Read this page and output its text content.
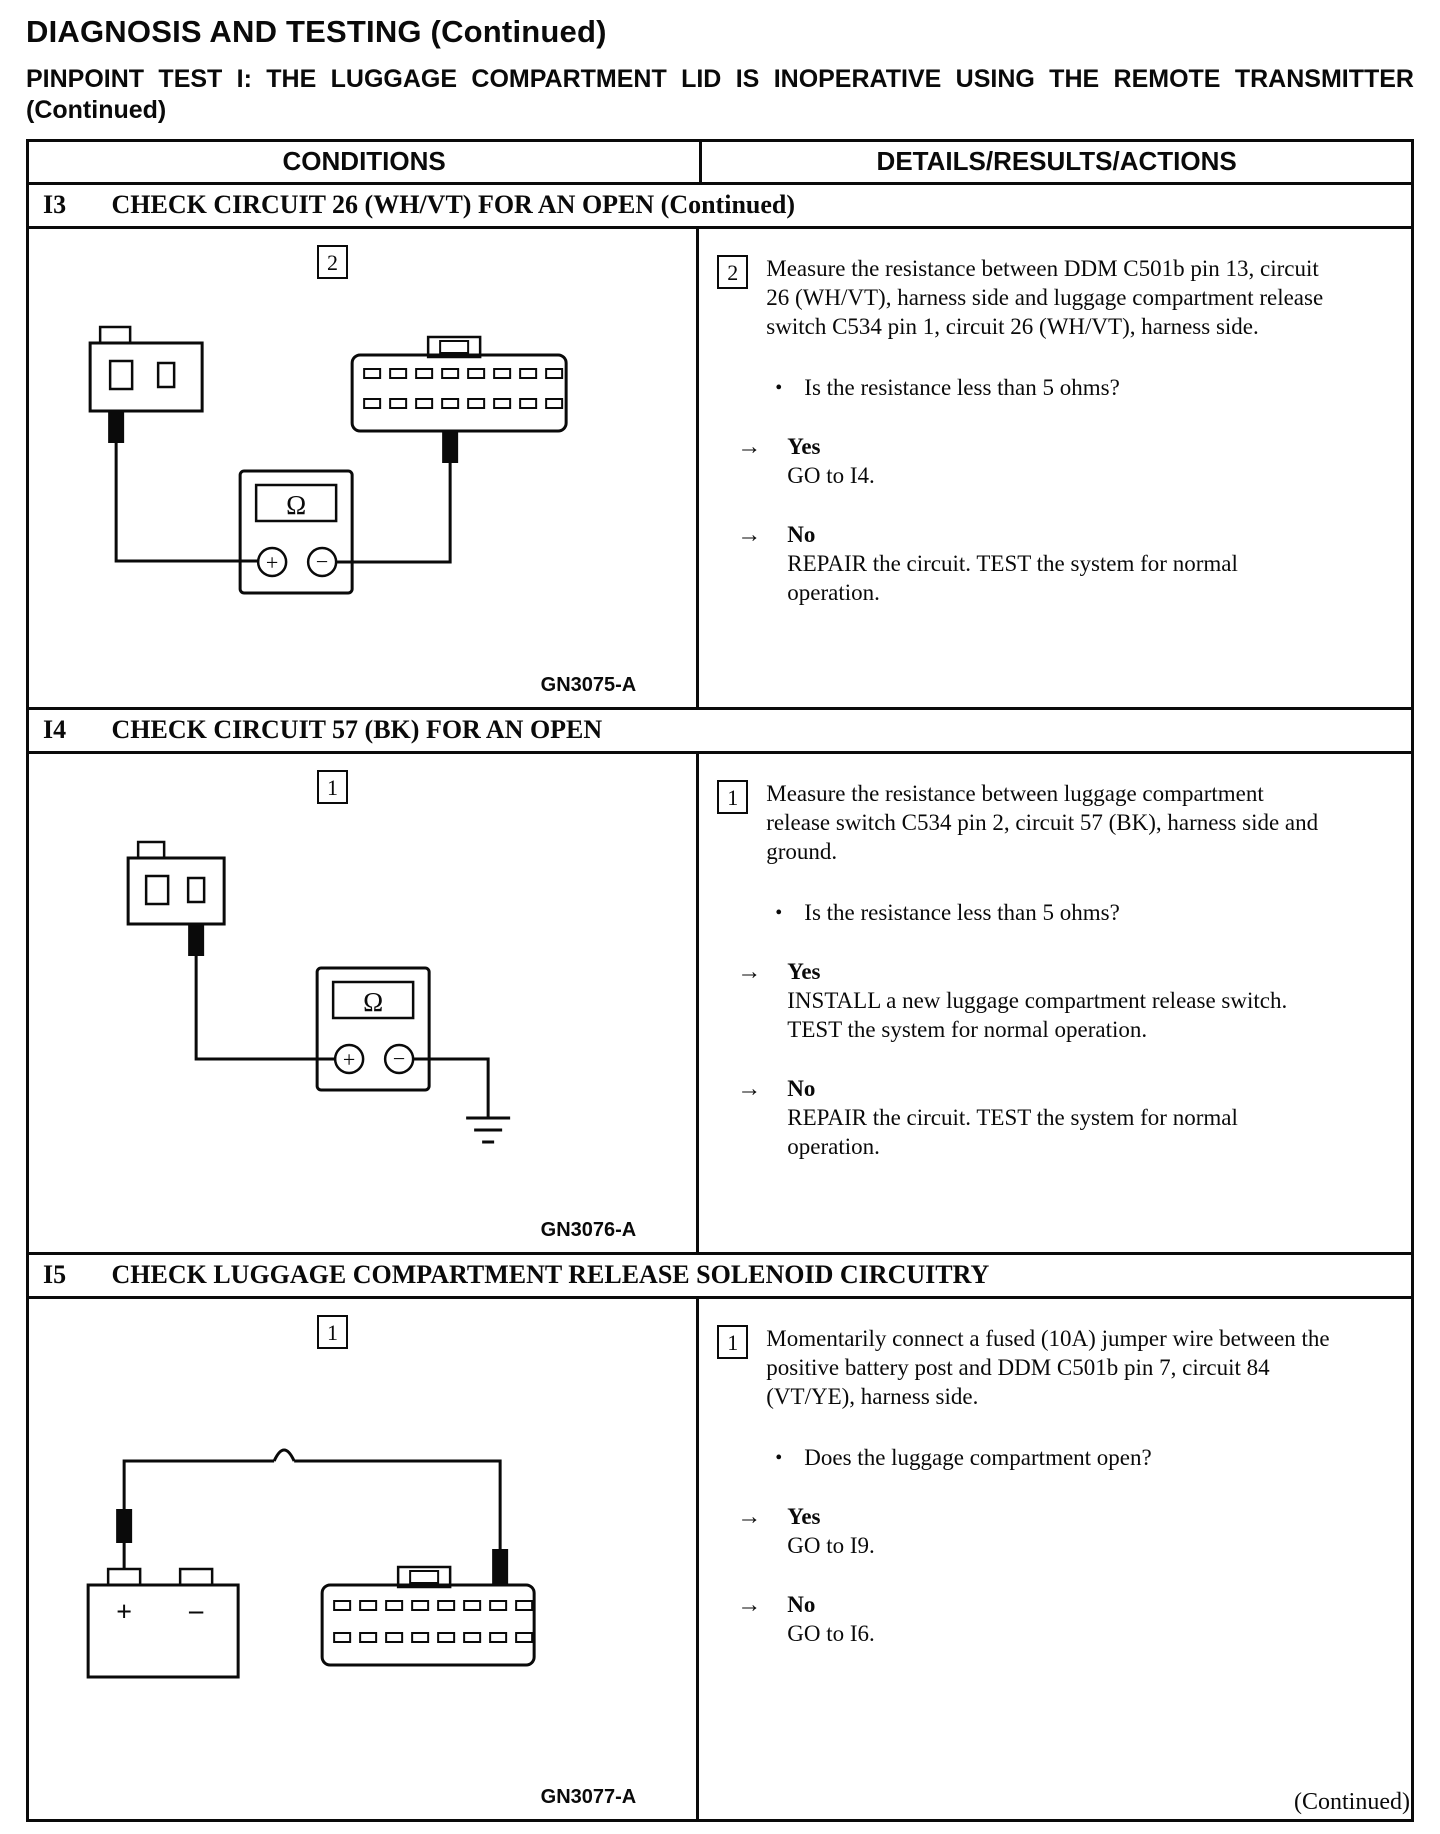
DIAGNOSIS AND TESTING (Continued)
PINPOINT TEST I: THE LUGGAGE COMPARTMENT LID IS INOPERATIVE USING THE REMOTE TRANSMITTER (Continued)
CONDITIONS	DETAILS/RESULTS/ACTIONS
I3 CHECK CIRCUIT 26 (WH/VT) FOR AN OPEN (Continued)
2
Ω
+ −
GN3075-A
2	Measure the resistance between DDM C501b pin 13, circuit 26 (WH/VT), harness side and luggage compartment release switch C534 pin 1, circuit 26 (WH/VT), harness side.

•
Is the resistance less than 5 ohms?
→
Yes
GO to I4.
→
No
REPAIR the circuit. TEST the system for normal operation.
I4 CHECK CIRCUIT 57 (BK) FOR AN OPEN
1
Ω
+ −
GN3076-A
1	Measure the resistance between luggage compartment release switch C534 pin 2, circuit 57 (BK), harness side and ground.

•
Is the resistance less than 5 ohms?
→
Yes
INSTALL a new luggage compartment release switch. TEST the system for normal operation.
→
No
REPAIR the circuit. TEST the system for normal operation.
I5 CHECK LUGGAGE COMPARTMENT RELEASE SOLENOID CIRCUITRY
1
+ –
GN3077-A
1	Momentarily connect a fused (10A) jumper wire between the positive battery post and DDM C501b pin 7, circuit 84 (VT/YE), harness side.

•
Does the luggage compartment open?
→
Yes
GO to I9.
→
No
GO to I6.
(Continued)
